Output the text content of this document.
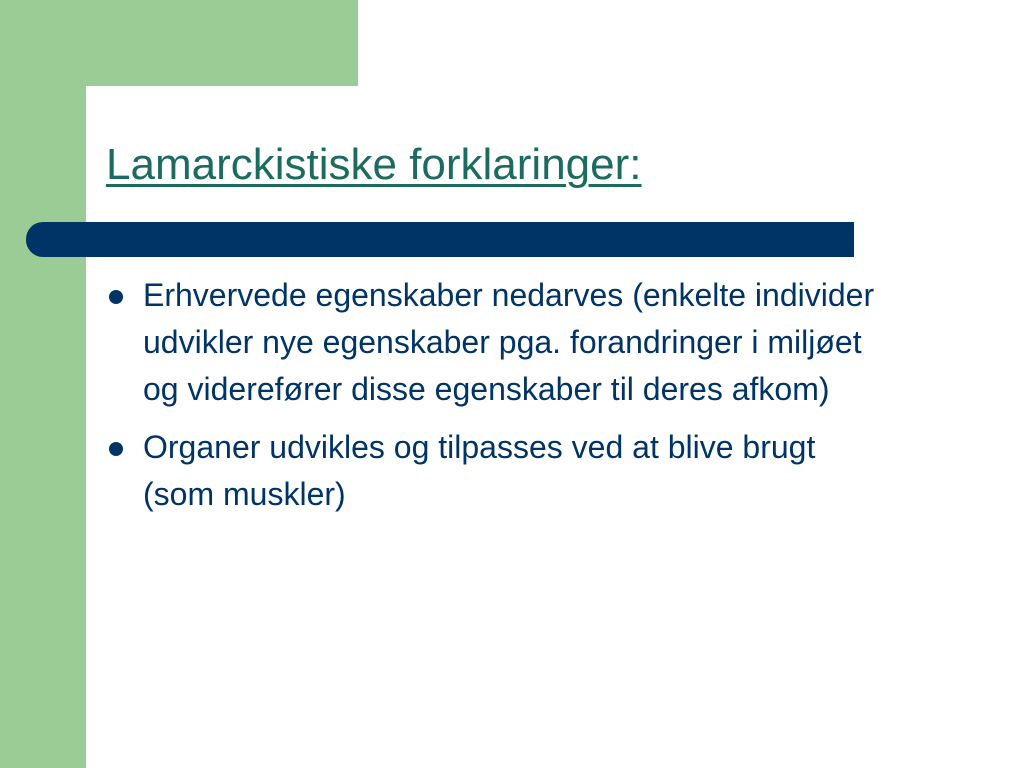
Lamarckistiske forklaringer:
Erhvervede egenskaber nedarves (enkelte individer udvikler nye egenskaber pga. forandringer i miljøet og viderefører disse egenskaber til deres afkom)
Organer udvikles og tilpasses ved at blive brugt (som muskler)
